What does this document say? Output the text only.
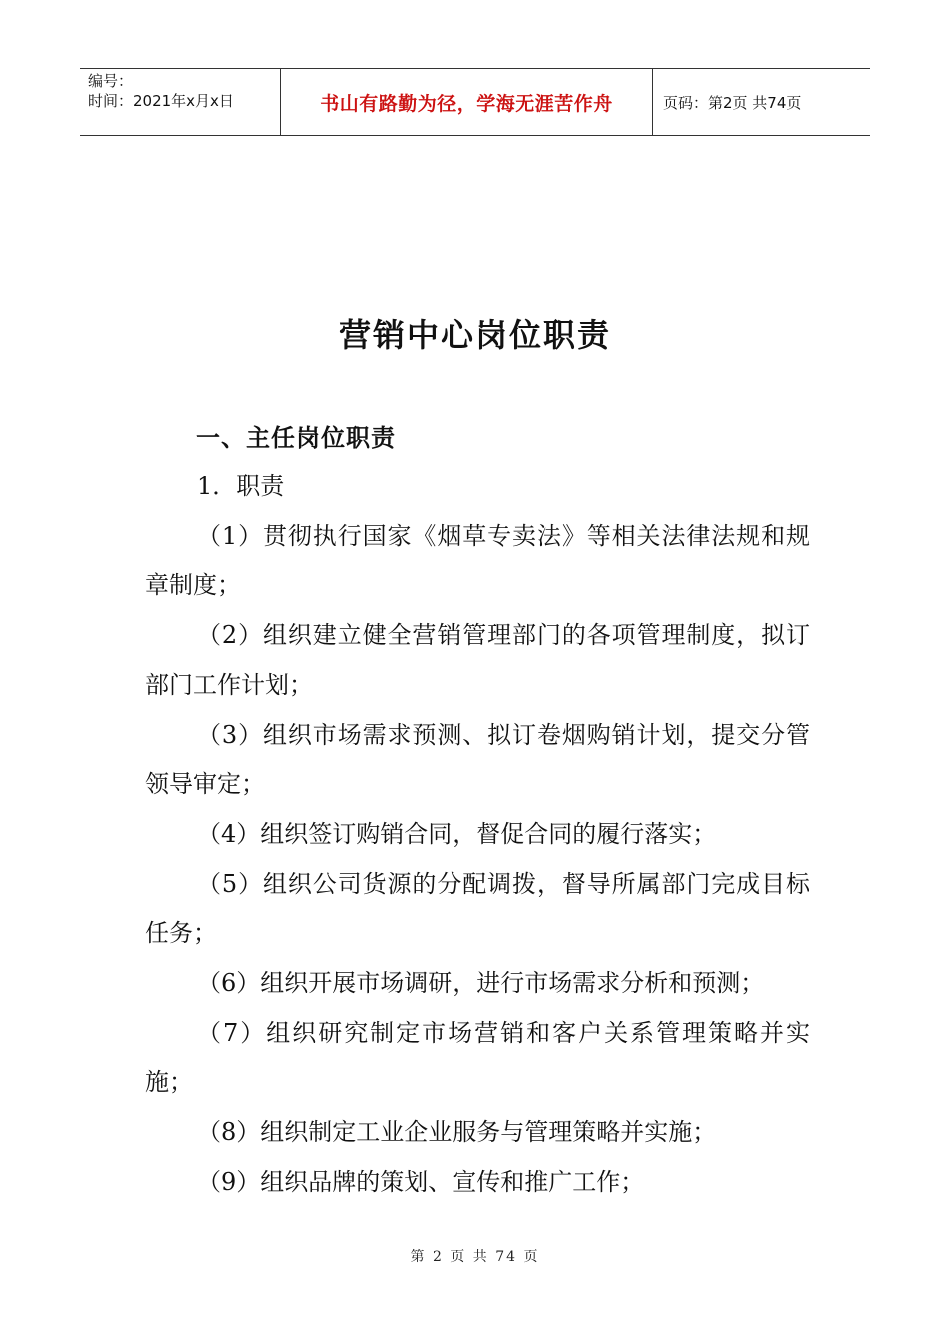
编号：
时间：2021年x月x日	书山有路勤为径，学海无涯苦作舟	页码：第2页 共74页
营销中心岗位职责
一、主任岗位职责

1．职责

（1）贯彻执行国家《烟草专卖法》等相关法律法规和规章制度；

（2）组织建立健全营销管理部门的各项管理制度，拟订部门工作计划；

（3）组织市场需求预测、拟订卷烟购销计划，提交分管领导审定；

（4）组织签订购销合同，督促合同的履行落实；

（5）组织公司货源的分配调拨，督导所属部门完成目标任务；

（6）组织开展市场调研，进行市场需求分析和预测；

（7）组织研究制定市场营销和客户关系管理策略并实施；

（8）组织制定工业企业服务与管理策略并实施；

（9）组织品牌的策划、宣传和推广工作；

第 2 页 共 74 页
